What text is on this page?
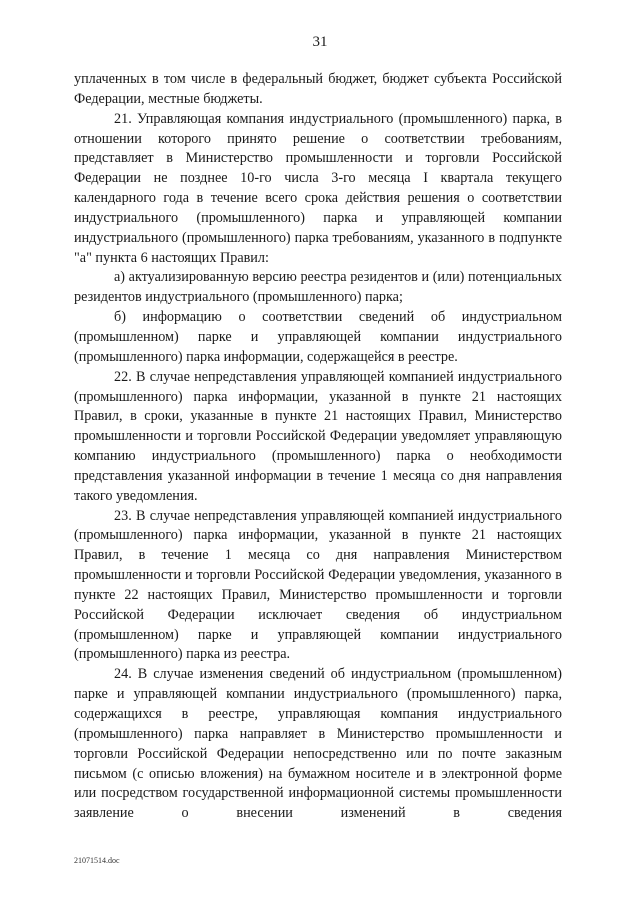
31

уплаченных в том числе в федеральный бюджет, бюджет субъекта Российской Федерации, местные бюджеты.

21. Управляющая компания индустриального (промышленного) парка, в отношении которого принято решение о соответствии требованиям, представляет в Министерство промышленности и торговли Российской Федерации не позднее 10-го числа 3-го месяца I квартала текущего календарного года в течение всего срока действия решения о соответствии индустриального (промышленного) парка и управляющей компании индустриального (промышленного) парка требованиям, указанного в подпункте "а" пункта 6 настоящих Правил:

а) актуализированную версию реестра резидентов и (или) потенциальных резидентов индустриального (промышленного) парка;

б) информацию о соответствии сведений об индустриальном (промышленном) парке и управляющей компании индустриального (промышленного) парка информации, содержащейся в реестре.

22. В случае непредставления управляющей компанией индустриального (промышленного) парка информации, указанной в пункте 21 настоящих Правил, в сроки, указанные в пункте 21 настоящих Правил, Министерство промышленности и торговли Российской Федерации уведомляет управляющую компанию индустриального (промышленного) парка о необходимости представления указанной информации в течение 1 месяца со дня направления такого уведомления.

23. В случае непредставления управляющей компанией индустриального (промышленного) парка информации, указанной в пункте 21 настоящих Правил, в течение 1 месяца со дня направления Министерством промышленности и торговли Российской Федерации уведомления, указанного в пункте 22 настоящих Правил, Министерство промышленности и торговли Российской Федерации исключает сведения об индустриальном (промышленном) парке и управляющей компании индустриального (промышленного) парка из реестра.

24. В случае изменения сведений об индустриальном (промышленном) парке и управляющей компании индустриального (промышленного) парка, содержащихся в реестре, управляющая компания индустриального (промышленного) парка направляет в Министерство промышленности и торговли Российской Федерации непосредственно или по почте заказным письмом (с описью вложения) на бумажном носителе и в электронной форме или посредством государственной информационной системы промышленности заявление о внесении изменений в сведения

21071514.doc
